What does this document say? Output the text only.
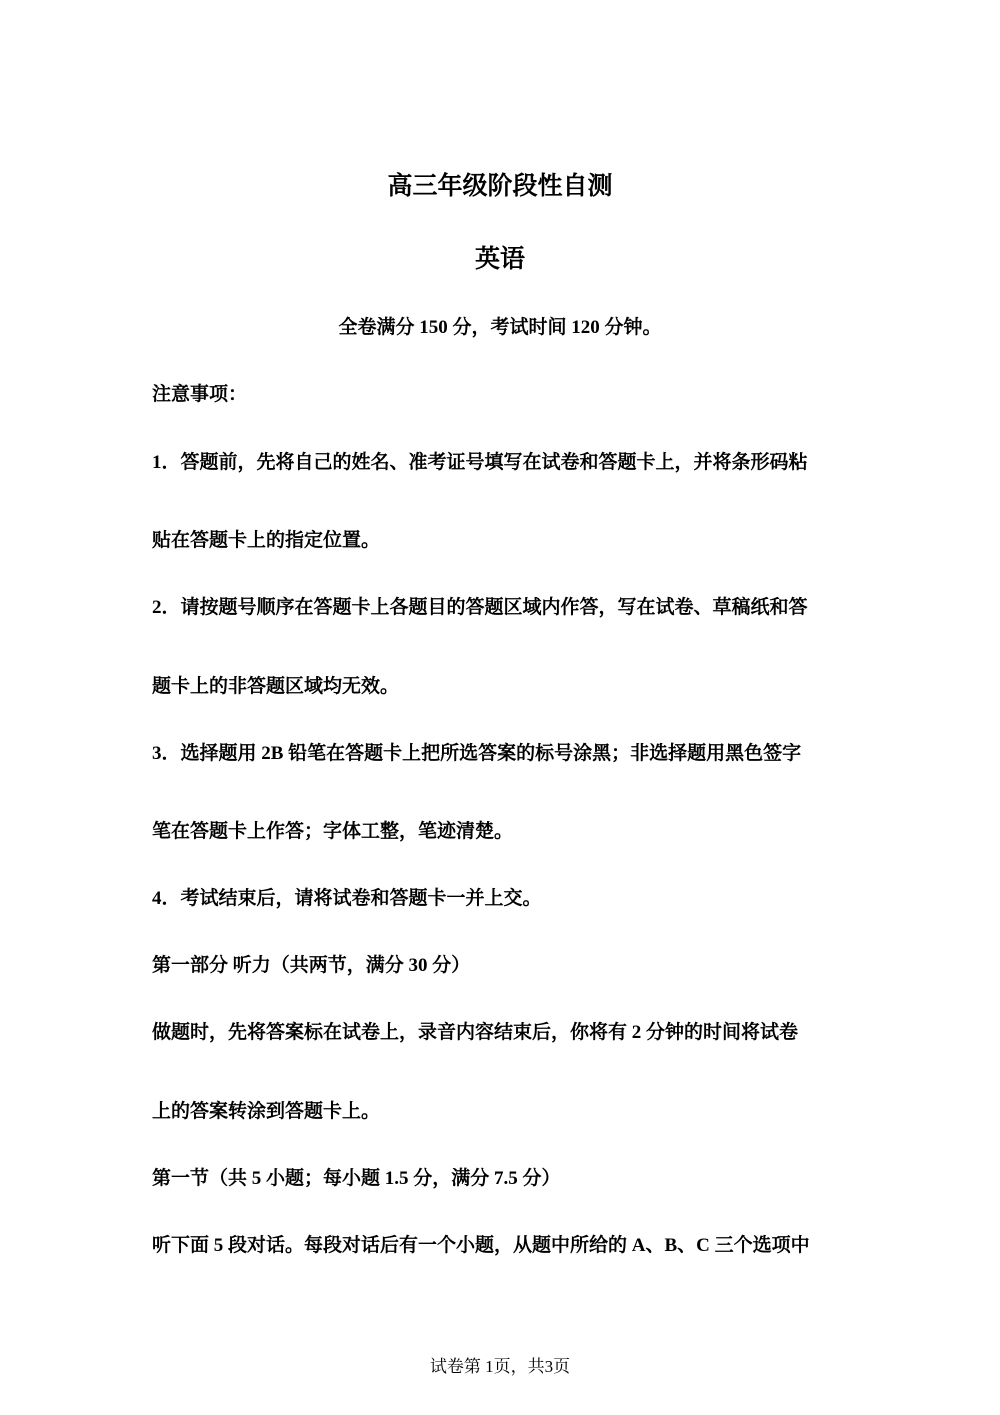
高三年级阶段性自测
英语
全卷满分 150 分，考试时间 120 分钟。
注意事项：
1．答题前，先将自己的姓名、准考证号填写在试卷和答题卡上，并将条形码粘
贴在答题卡上的指定位置。
2．请按题号顺序在答题卡上各题目的答题区域内作答，写在试卷、草稿纸和答
题卡上的非答题区域均无效。
3．选择题用 2B 铅笔在答题卡上把所选答案的标号涂黑；非选择题用黑色签字
笔在答题卡上作答；字体工整，笔迹清楚。
4．考试结束后，请将试卷和答题卡一并上交。
第一部分 听力（共两节，满分 30 分）
做题时，先将答案标在试卷上，录音内容结束后，你将有 2 分钟的时间将试卷
上的答案转涂到答题卡上。
第一节（共 5 小题；每小题 1.5 分，满分 7.5 分）
听下面 5 段对话。每段对话后有一个小题，从题中所给的 A、B、C 三个选项中
试卷第 1页，共3页
